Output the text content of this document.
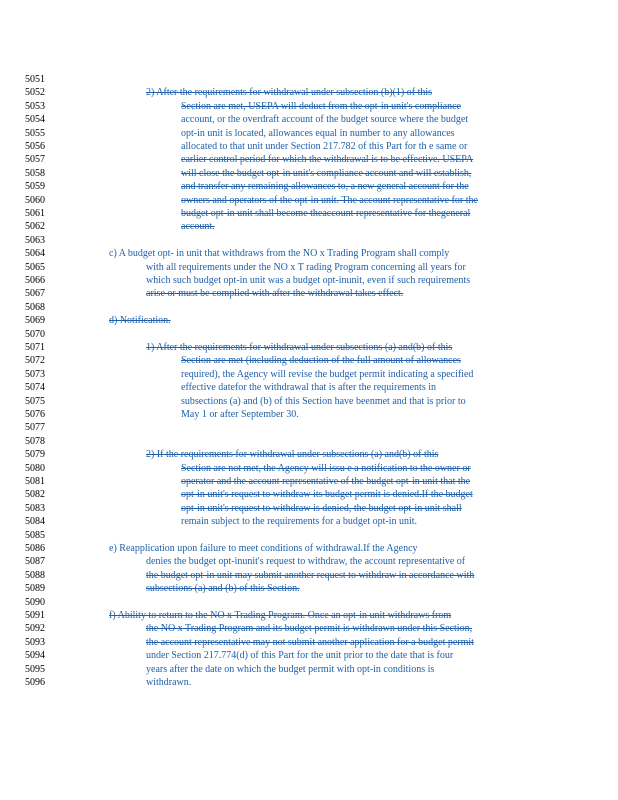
5051
5052
5053
5054
5055
5056
5057
5058
5059
5060
5061
5062
5063
5064
5065
5066
5067
5068
5069
5070
5071
5072
5073
5074
5075
5076
5077
5078
5079
5080
5081
5082
5083
5084
5085
5086
5087
5088
5089
5090
5091
5092
5093
5094
5095
5096
2) After the requirements for withdrawal under subsection (b)(1) of this
Section are met, USEPA will deduct from the opt-in unit's compliance
account, or the overdraft account of the budget source where the budget
opt-in unit is located, allowances equal in number to any allowances
allocated to that unit under Section 217.782 of this Part for th e same or
earlier control period for which the withdrawal is to be effective. USEPA
will close the budget opt-in unit's compliance account and will establish,
and transfer any remaining allowances to, a new general account for the
owners and operators of the opt-in unit. The account representative for the
budget opt-in unit shall become theaccount representative for thegeneral
account.
c) A budget opt- in unit that withdraws from the NO x Trading Program shall comply
with all requirements under the NO x T rading Program concerning all years for
which such budget opt-in unit was a budget opt-inunit, even if such requirements
arise or must be complied with after the withdrawal takes effect.
d) Notification.
1) After the requirements for withdrawal under subsections (a) and(b) of this
Section are met (including deduction of the full amount of allowances
required), the Agency will revise the budget permit indicating a specified
effective datefor the withdrawal that is after the requirements in
subsections (a) and (b) of this Section have beenmet and that is prior to
May 1 or after September 30.
2) If the requirements for withdrawal under subsections (a) and(b) of this
Section are not met, the Agency will issu e a notification to the owner or
operator and the account representative of the budget opt-in unit that the
opt-in unit's request to withdraw its budget permit is denied.If the budget
opt-in unit's request to withdraw is denied, the budget opt-in unit shall
remain subject to the requirements for a budget opt-in unit.
e) Reapplication upon failure to meet conditions of withdrawal.If the Agency
denies the budget opt-inunit's request to withdraw, the account representative of
the budget opt-in unit may submit another request to withdraw in accordance with
subsections (a) and (b) of this Section.
f) Ability to return to the NO x Trading Program. Once an opt-in unit withdraws from
the NO x Trading Program and its budget permit is withdrawn under this Section,
the account representative may not submit another application for a budget permit
under Section 217.774(d) of this Part for the unit prior to the date that is four
years after the date on which the budget permit with opt-in conditions is
withdrawn.
